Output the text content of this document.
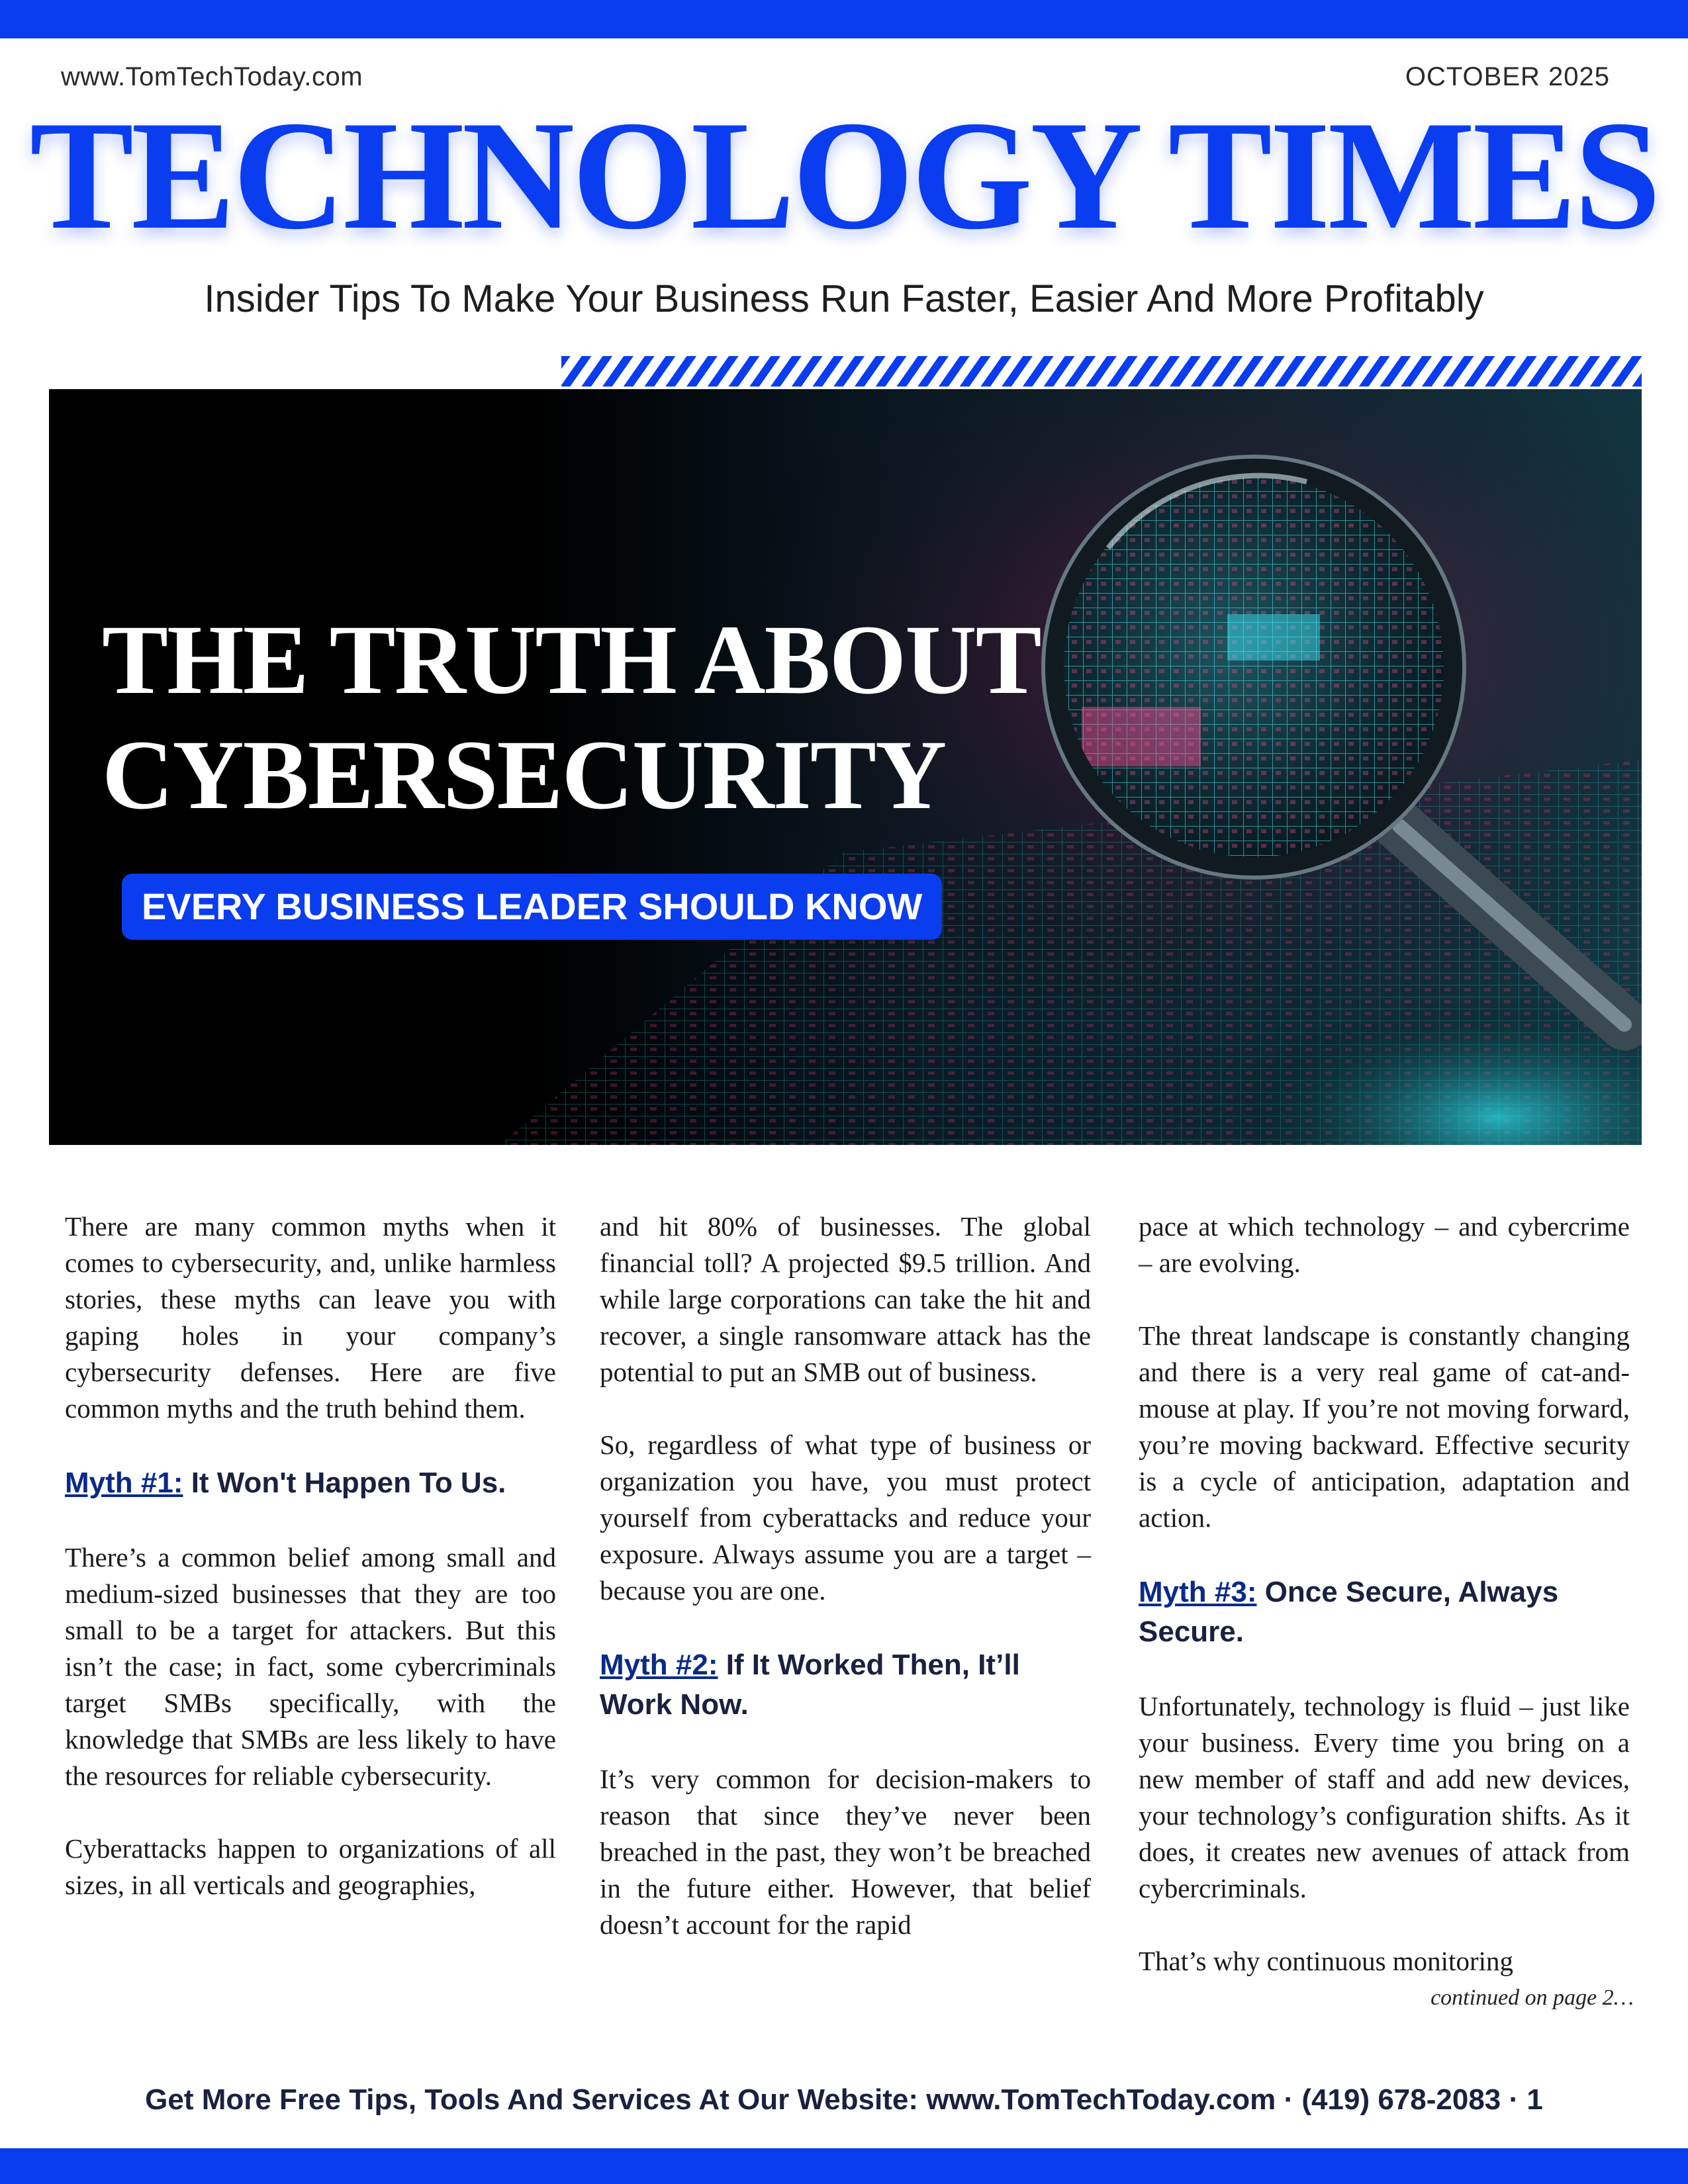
www.TomTechToday.com	OCTOBER 2025
TECHNOLOGY TIMES
Insider Tips To Make Your Business Run Faster, Easier And More Profitably
THE TRUTH ABOUT
CYBERSECURITY
EVERY BUSINESS LEADER SHOULD KNOW

There are many common myths when it comes to cybersecurity, and, unlike harmless stories, these myths can leave you with gaping holes in your company’s cybersecurity defenses. Here are five common myths and the truth behind them.

Myth #1: It Won't Happen To Us.

There’s a common belief among small and medium-sized businesses that they are too small to be a target for attackers. But this isn’t the case; in fact, some cybercriminals target SMBs specifically, with the knowledge that SMBs are less likely to have the resources for reliable cybersecurity.

Cyberattacks happen to organizations of all sizes, in all verticals and geographies,

and hit 80% of businesses. The global financial toll? A projected $9.5 trillion. And while large corporations can take the hit and recover, a single ransomware attack has the potential to put an SMB out of business.

So, regardless of what type of business or organization you have, you must protect yourself from cyberattacks and reduce your exposure. Always assume you are a target – because you are one.

Myth #2: If It Worked Then, It’ll Work Now.

It’s very common for decision-makers to reason that since they’ve never been breached in the past, they won’t be breached in the future either. However, that belief doesn’t account for the rapid

pace at which technology – and cybercrime – are evolving.

The threat landscape is constantly changing and there is a very real game of cat-and-mouse at play. If you’re not moving forward, you’re moving backward. Effective security is a cycle of anticipation, adaptation and action.

Myth #3: Once Secure, Always Secure.

Unfortunately, technology is fluid – just like your business. Every time you bring on a new member of staff and add new devices, your technology’s configuration shifts. As it does, it creates new avenues of attack from cybercriminals.

That’s why continuous monitoring

continued on page 2…
Get More Free Tips, Tools And Services At Our Website: www.TomTechToday.com · (419) 678-2083 · 1
